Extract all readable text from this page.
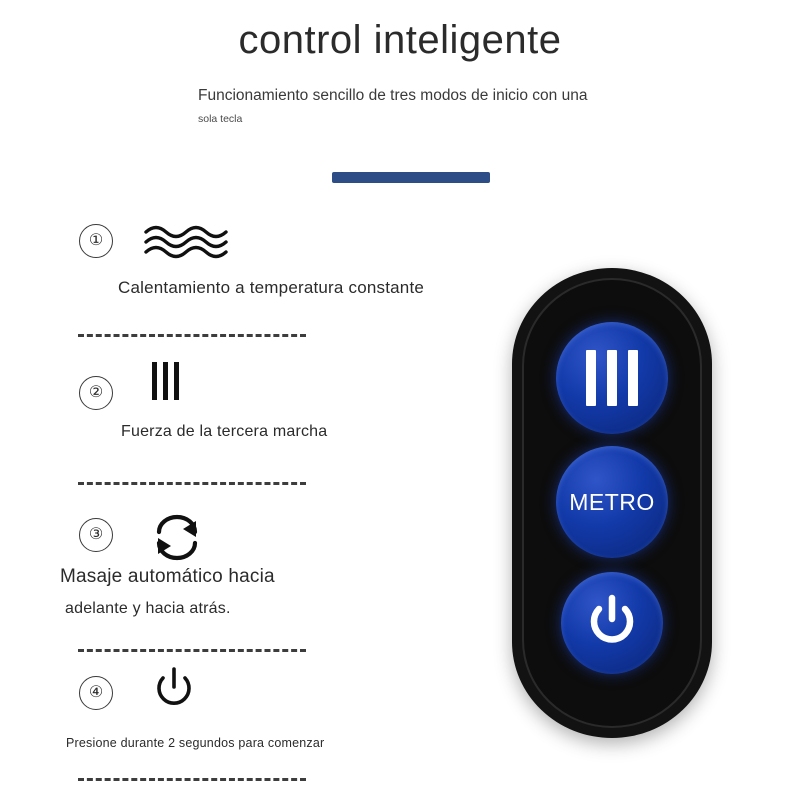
control inteligente
Funcionamiento sencillo de tres modos de inicio con una
sola tecla
①
Calentamiento a temperatura constante
②
Fuerza de la tercera marcha
③
Masaje automático hacia
adelante y hacia atrás.
④
Presione durante 2 segundos para comenzar
METRO
